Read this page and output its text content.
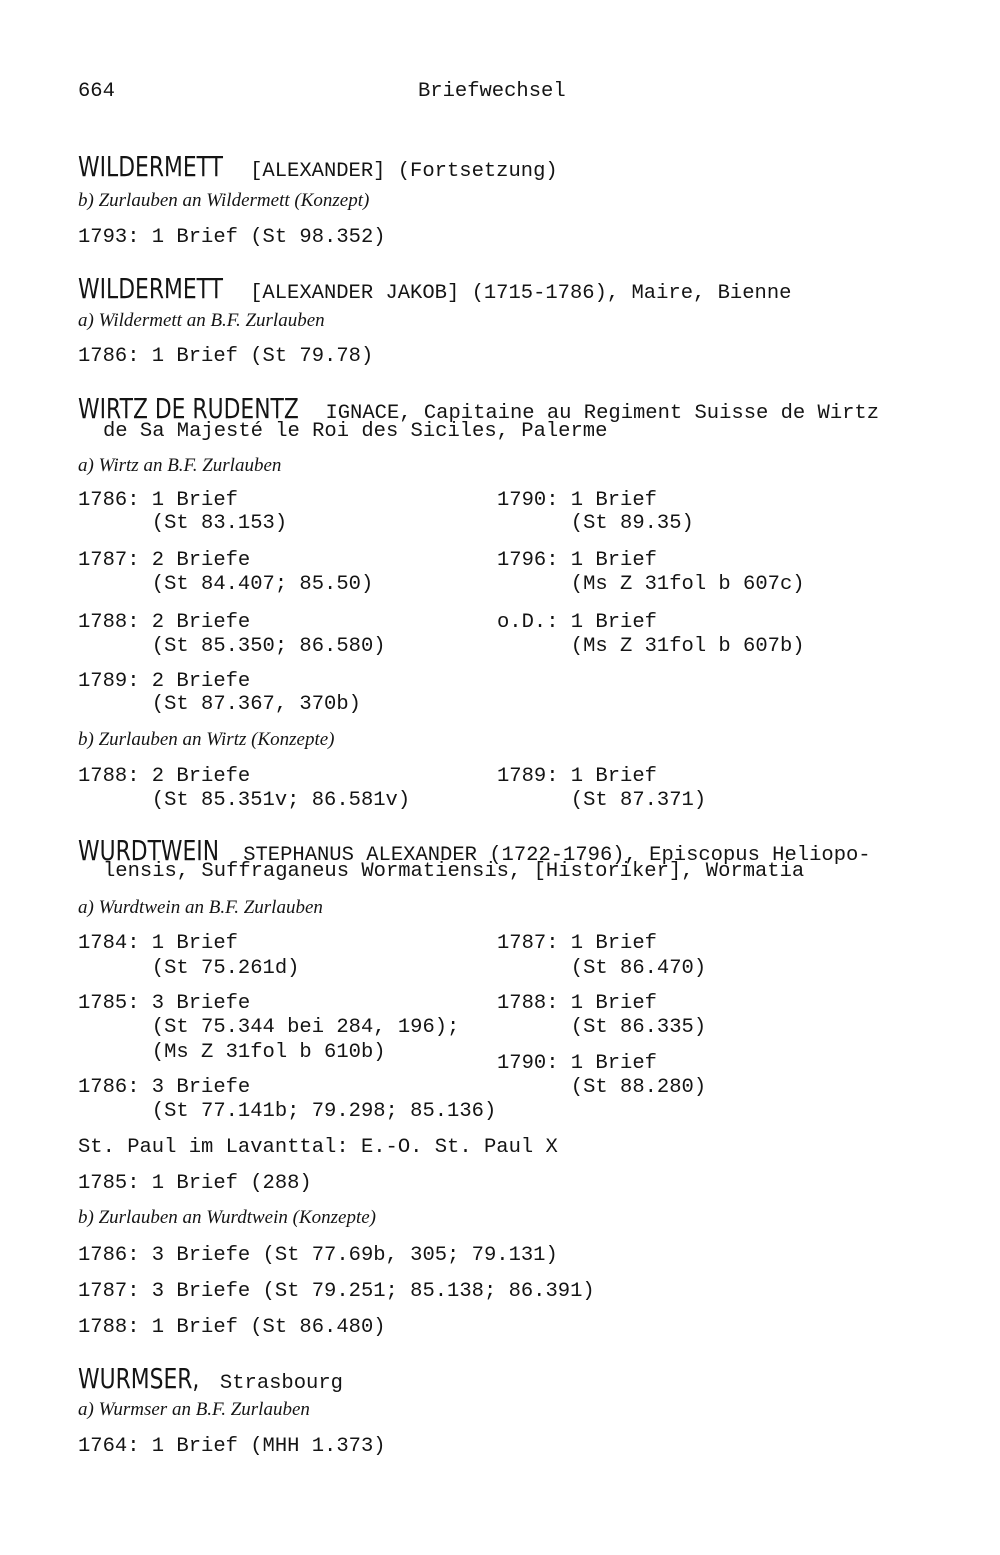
664	Briefwechsel
WILDERMETT [ALEXANDER] (Fortsetzung)
b) Zurlauben an Wildermett (Konzept)
1793: 1 Brief (St 98.352)
WILDERMETT [ALEXANDER JAKOB] (1715-1786), Maire, Bienne
a) Wildermett an B.F. Zurlauben
1786: 1 Brief (St 79.78)
WIRTZ DE RUDENTZ IGNACE, Capitaine au Regiment Suisse de Wirtz
de Sa Majesté le Roi des Siciles, Palerme
a) Wirtz an B.F. Zurlauben
1786: 1 Brief
(St 83.153)
1787: 2 Briefe
(St 84.407; 85.50)
1788: 2 Briefe
(St 85.350; 86.580)
1789: 2 Briefe
(St 87.367, 370b)
1790: 1 Brief
(St 89.35)
1796: 1 Brief
(Ms Z 31fol b 607c)
o.D.: 1 Brief
(Ms Z 31fol b 607b)
b) Zurlauben an Wirtz (Konzepte)
1788: 2 Briefe
(St 85.351v; 86.581v)
1789: 1 Brief
(St 87.371)
WURDTWEIN STEPHANUS ALEXANDER (1722-1796), Episcopus Heliopo-
lensis, Suffraganeus Wormatiensis, [Historiker], Wormatia
a) Wurdtwein an B.F. Zurlauben
1784: 1 Brief
(St 75.261d)
1785: 3 Briefe
(St 75.344 bei 284, 196);
(Ms Z 31fol b 610b)
1786: 3 Briefe
(St 77.141b; 79.298; 85.136)
1787: 1 Brief
(St 86.470)
1788: 1 Brief
(St 86.335)
1790: 1 Brief
(St 88.280)
St. Paul im Lavanttal: E.-O. St. Paul X
1785: 1 Brief (288)
b) Zurlauben an Wurdtwein (Konzepte)
1786: 3 Briefe (St 77.69b, 305; 79.131)
1787: 3 Briefe (St 79.251; 85.138; 86.391)
1788: 1 Brief (St 86.480)
WURMSER, Strasbourg
a) Wurmser an B.F. Zurlauben
1764: 1 Brief (MHH 1.373)
